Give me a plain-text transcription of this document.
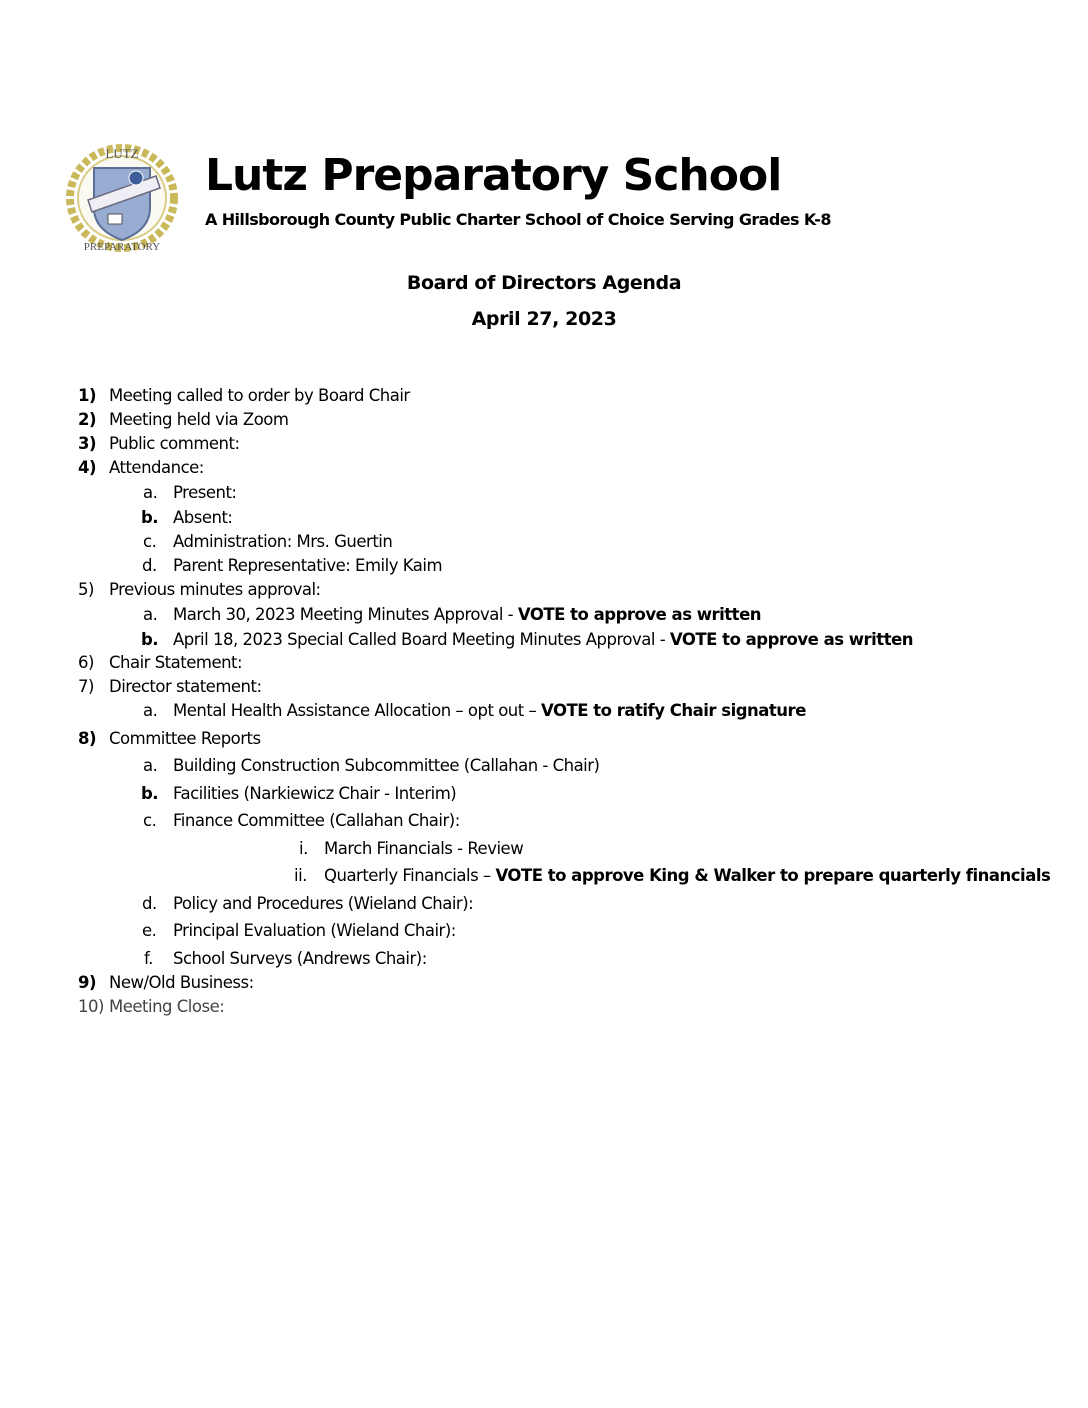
LUTZ
PREPARATORY
Lutz Preparatory School
A Hillsborough County Public Charter School of Choice Serving Grades K-8
Board of Directors Agenda
April 27, 2023
1) Meeting called to order by Board Chair
2) Meeting held via Zoom
3) Public comment:
4) Attendance:
a. Present:
b. Absent:
c. Administration: Mrs. Guertin
d. Parent Representative: Emily Kaim
5) Previous minutes approval:
a. March 30, 2023 Meeting Minutes Approval - VOTE to approve as written
b. April 18, 2023 Special Called Board Meeting Minutes Approval - VOTE to approve as written
6) Chair Statement:
7) Director statement:
a. Mental Health Assistance Allocation – opt out – VOTE to ratify Chair signature
8) Committee Reports
a. Building Construction Subcommittee (Callahan - Chair)
b. Facilities (Narkiewicz Chair - Interim)
c. Finance Committee (Callahan Chair):
i. March Financials - Review
ii. Quarterly Financials – VOTE to approve King & Walker to prepare quarterly financials
d. Policy and Procedures (Wieland Chair):
e. Principal Evaluation (Wieland Chair):
f. School Surveys (Andrews Chair):
9) New/Old Business:
10) Meeting Close:
